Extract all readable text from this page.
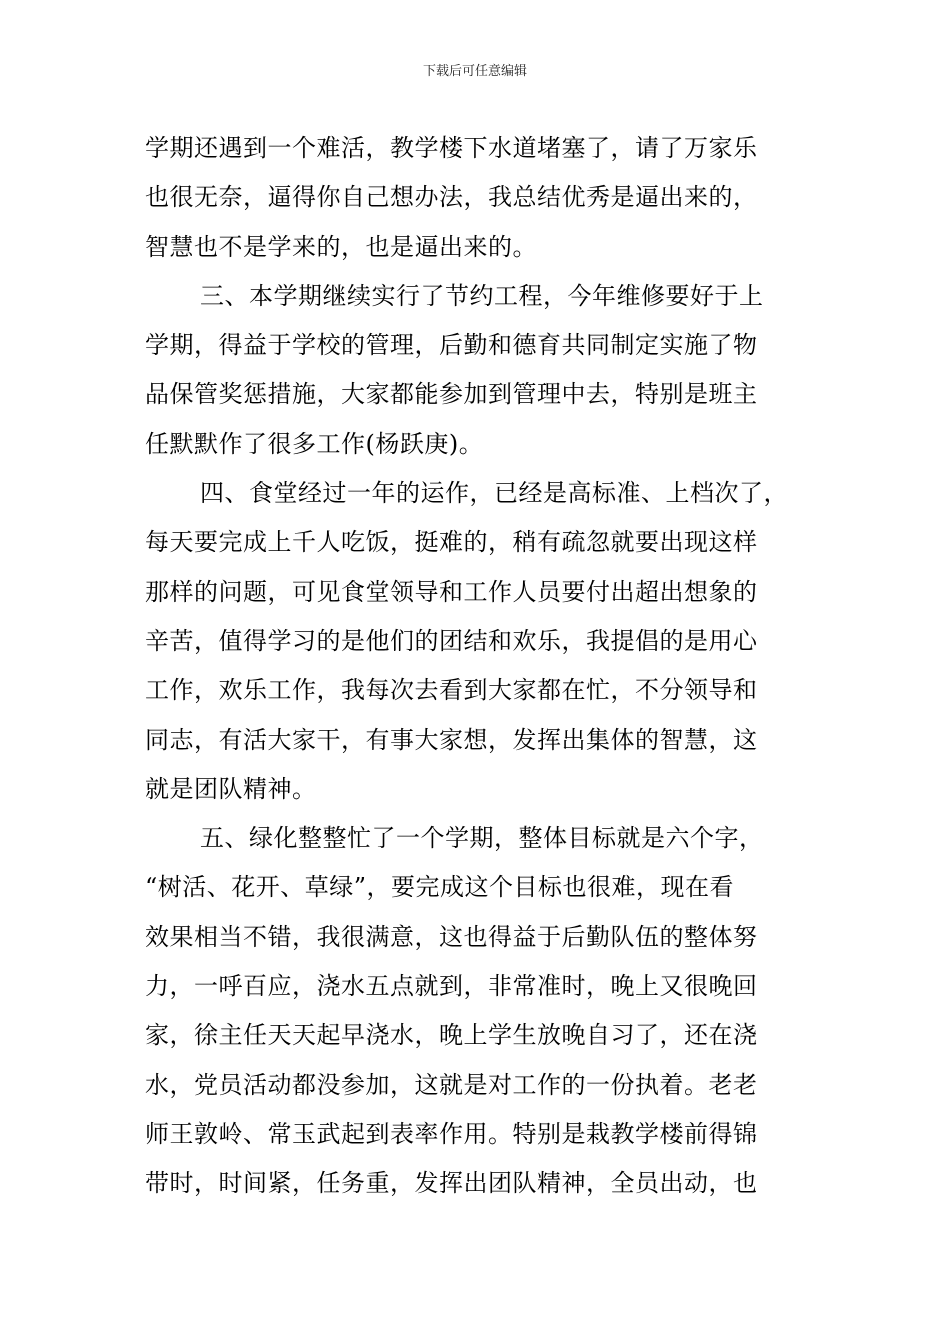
下载后可任意编辑
学期还遇到一个难活，教学楼下水道堵塞了，请了万家乐
也很无奈，逼得你自己想办法，我总结优秀是逼出来的，
智慧也不是学来的，也是逼出来的。
三、本学期继续实行了节约工程，今年维修要好于上
学期，得益于学校的管理，后勤和德育共同制定实施了物
品保管奖惩措施，大家都能参加到管理中去，特别是班主
任默默作了很多工作(杨跃庚)。
四、食堂经过一年的运作，已经是高标准、上档次了，
每天要完成上千人吃饭，挺难的，稍有疏忽就要出现这样
那样的问题，可见食堂领导和工作人员要付出超出想象的
辛苦，值得学习的是他们的团结和欢乐，我提倡的是用心
工作，欢乐工作，我每次去看到大家都在忙，不分领导和
同志，有活大家干，有事大家想，发挥出集体的智慧，这
就是团队精神。
五、绿化整整忙了一个学期，整体目标就是六个字，
“树活、花开、草绿”，要完成这个目标也很难，现在看
效果相当不错，我很满意，这也得益于后勤队伍的整体努
力，一呼百应，浇水五点就到，非常准时，晚上又很晚回
家，徐主任天天起早浇水，晚上学生放晚自习了，还在浇
水，党员活动都没参加，这就是对工作的一份执着。老老
师王敦岭、常玉武起到表率作用。特别是栽教学楼前得锦
带时，时间紧，任务重，发挥出团队精神，全员出动，也
